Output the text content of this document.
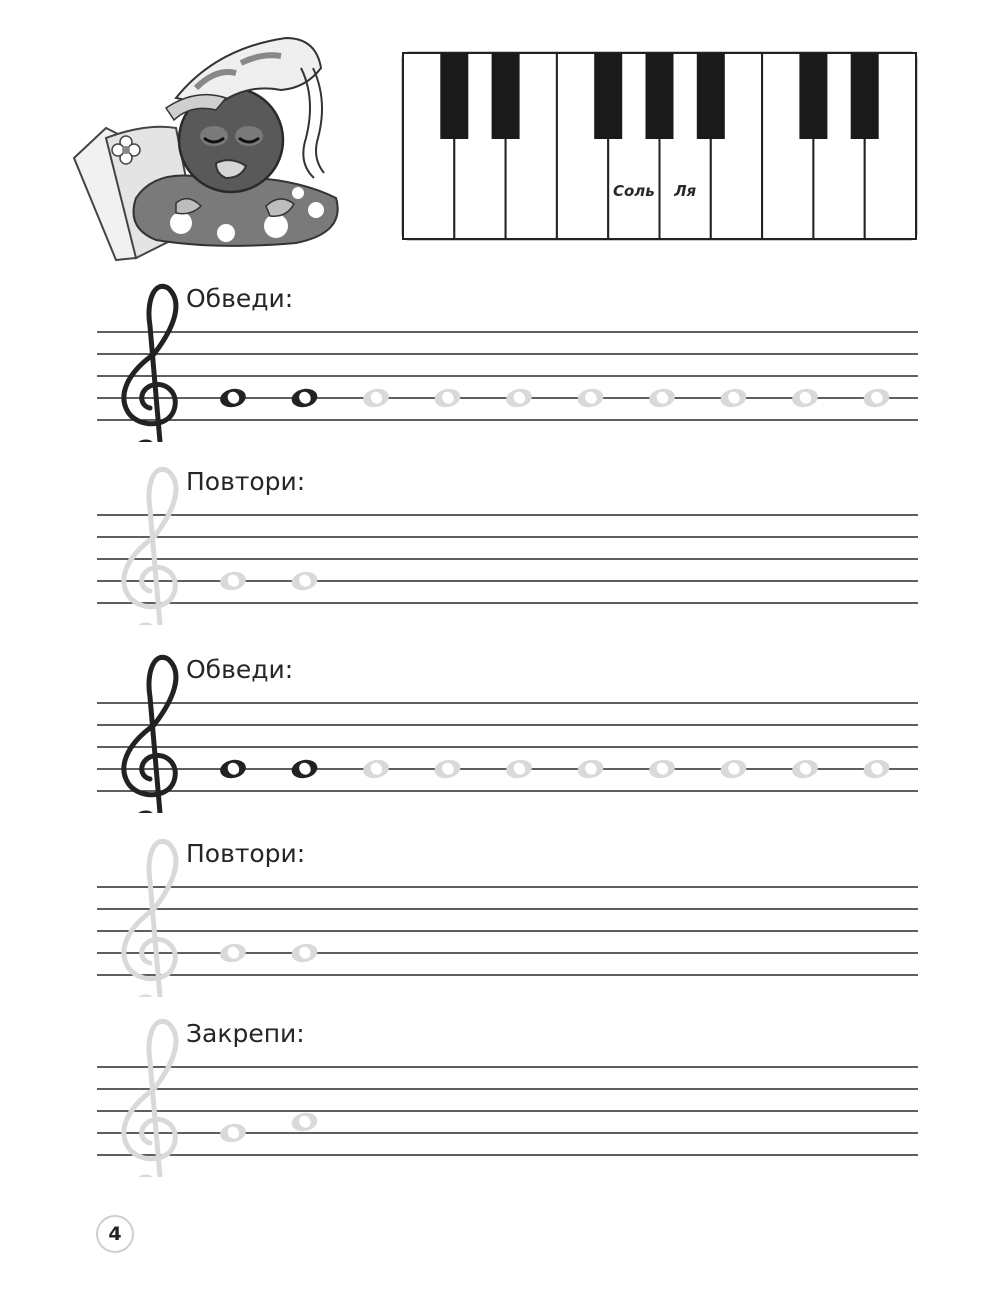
Соль Ля
Обведи:
Повтори:
Обведи:
Повтори:
Закрепи:
4
